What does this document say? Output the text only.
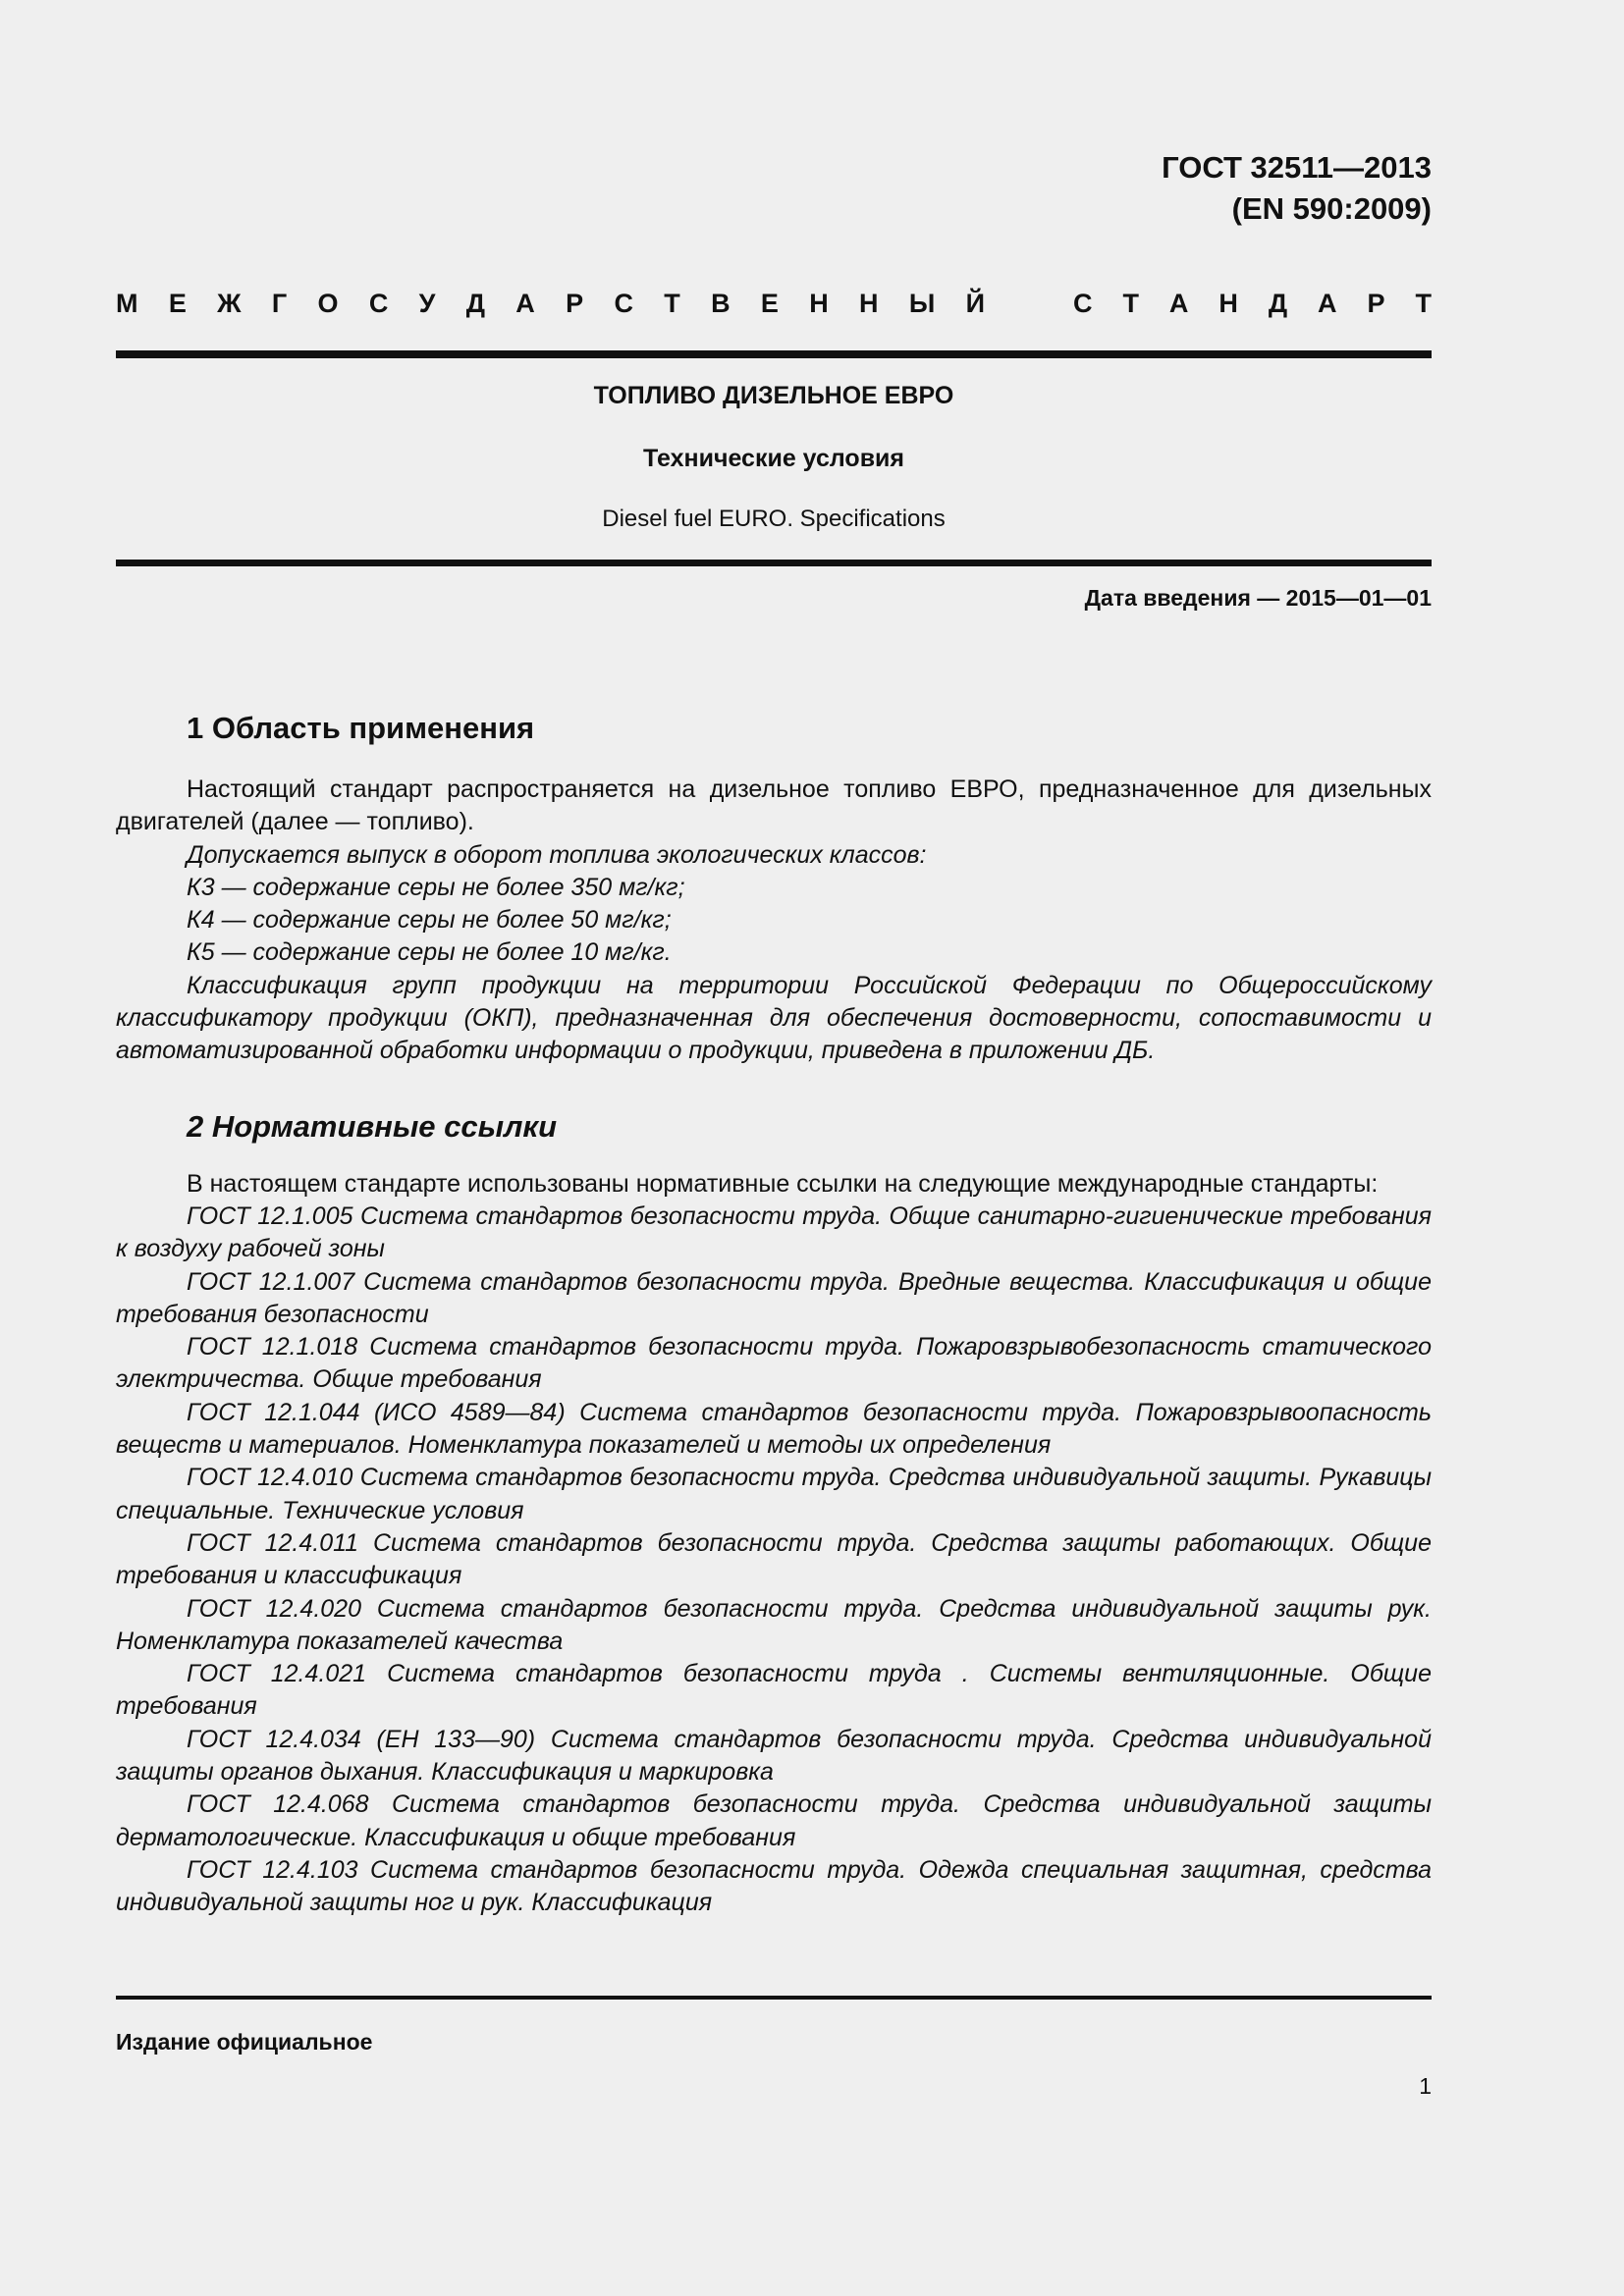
ГОСТ 32511—2013
(EN 590:2009)
М Е Ж Г О С У Д А Р С Т В Е Н Н Ы Й	С Т А Н Д А Р Т
ТОПЛИВО ДИЗЕЛЬНОЕ ЕВРО
Технические условия
Diesel fuel EURO. Specifications
Дата введения — 2015—01—01
1 Область применения

Настоящий стандарт распространяется на дизельное топливо ЕВРО, предназначенное для дизельных двигателей (далее — топливо).

Допускается выпуск в оборот топлива экологических классов:

К3 — содержание серы не более 350 мг/кг;

К4 — содержание серы не более 50 мг/кг;

К5 — содержание серы не более 10 мг/кг.

Классификация групп продукции на территории Российской Федерации по Общероссийскому классификатору продукции (ОКП), предназначенная для обеспечения достоверности, сопоставимости и автоматизированной обработки информации о продукции, приведена в приложении ДБ.

2 Нормативные ссылки

В настоящем стандарте использованы нормативные ссылки на следующие международные стандарты:

ГОСТ 12.1.005 Система стандартов безопасности труда. Общие санитарно-гигиенические требования к воздуху рабочей зоны

ГОСТ 12.1.007 Система стандартов безопасности труда. Вредные вещества. Классификация и общие требования безопасности

ГОСТ 12.1.018 Система стандартов безопасности труда. Пожаровзрывобезопасность статического электричества. Общие требования

ГОСТ 12.1.044 (ИСО 4589—84) Система стандартов безопасности труда. Пожаровзрывоопасность веществ и материалов. Номенклатура показателей и методы их определения

ГОСТ 12.4.010 Система стандартов безопасности труда. Средства индивидуальной защиты. Рукавицы специальные. Технические условия

ГОСТ 12.4.011 Система стандартов безопасности труда. Средства защиты работающих. Общие требования и классификация

ГОСТ 12.4.020 Система стандартов безопасности труда. Средства индивидуальной защиты рук. Номенклатура показателей качества

ГОСТ 12.4.021 Система стандартов безопасности труда . Системы вентиляционные. Общие требования

ГОСТ 12.4.034 (ЕН 133—90) Система стандартов безопасности труда. Средства индивидуальной защиты органов дыхания. Классификация и маркировка

ГОСТ 12.4.068 Система стандартов безопасности труда. Средства индивидуальной защиты дерматологические. Классификация и общие требования

ГОСТ 12.4.103 Система стандартов безопасности труда. Одежда специальная защитная, средства индивидуальной защиты ног и рук. Классификация

Издание официальное
1
